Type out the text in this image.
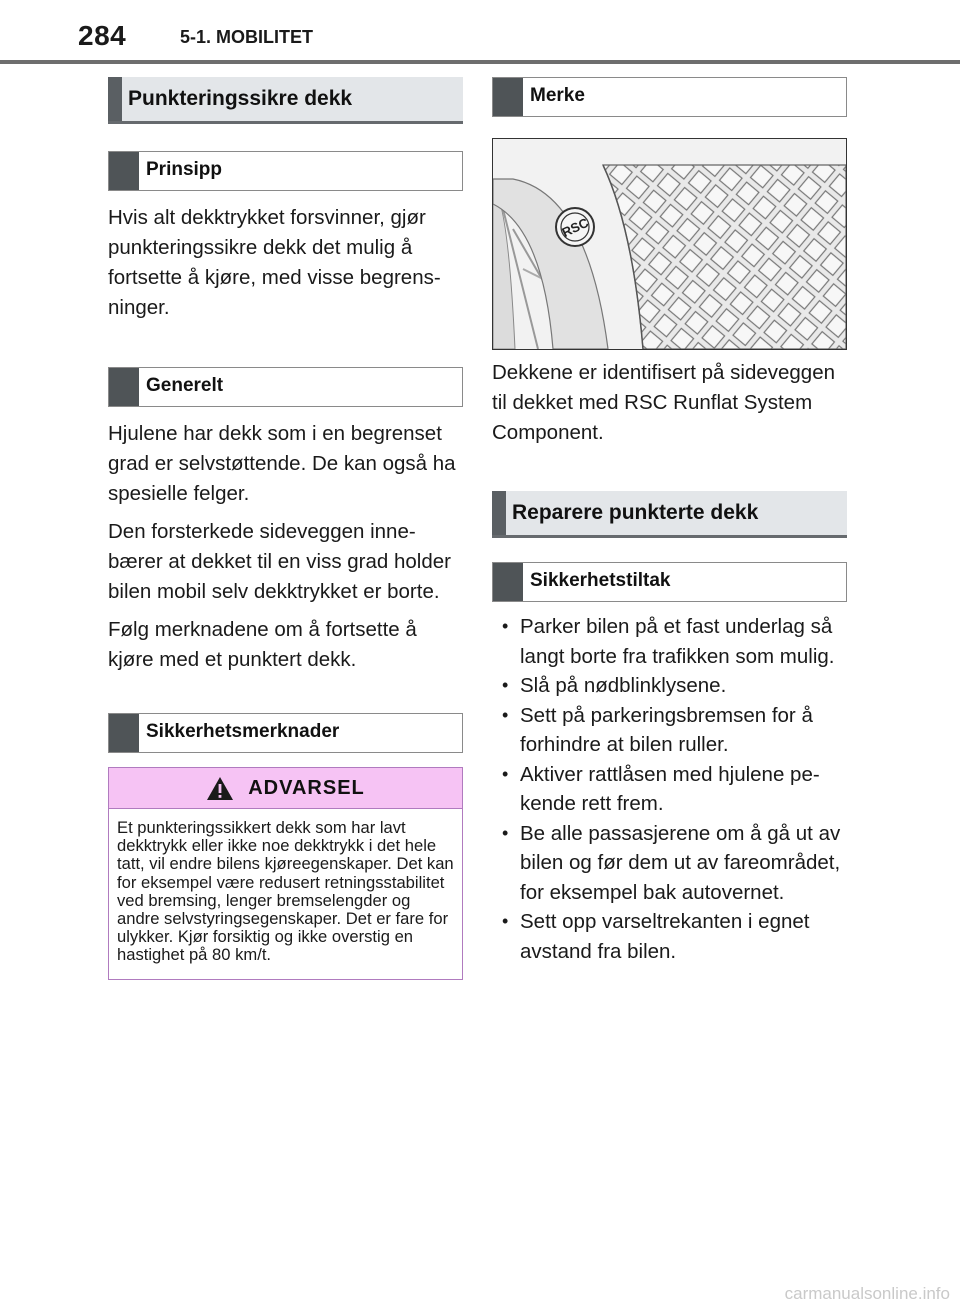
284	5-1. MOBILITET
Punkteringssikre dekk
Prinsipp

Hvis alt dekktrykket forsvinner, gjør punkteringssikre dekk det mulig å fortsette å kjøre, med visse begrensninger.

Generelt

Hjulene har dekk som i en begrenset grad er selvstøttende. De kan også ha spesielle felger.

Den forsterkede sideveggen innebærer at dekket til en viss grad holder bilen mobil selv dekktrykket er borte.

Følg merknadene om å fortsette å kjøre med et punktert dekk.

Sikkerhetsmerknader
ADVARSEL
Et punkteringssikkert dekk som har lavt dekktrykk eller ikke noe dekktrykk i det hele tatt, vil endre bilens kjøreegenskaper. Det kan for eksempel være redusert retningsstabilitet ved bremsing, lenger bremselengder og andre selvstyringsegenskaper. Det er fare for ulykker. Kjør forsiktig og ikke overstig en hastighet på 80 km/t.
Merke
RSC

Dekkene er identifisert på sideveggen til dekket med RSC Runflat System Component.

Reparere punkterte dekk
Sikkerhetstiltak
• Parker bilen på et fast underlag så langt borte fra trafikken som mulig.
• Slå på nødblinklysene.
• Sett på parkeringsbremsen for å forhindre at bilen ruller.
• Aktiver rattlåsen med hjulene pekende rett frem.
• Be alle passasjerene om å gå ut av bilen og før dem ut av fareområdet, for eksempel bak autovernet.
• Sett opp varseltrekanten i egnet avstand fra bilen.
carmanualsonline.info
